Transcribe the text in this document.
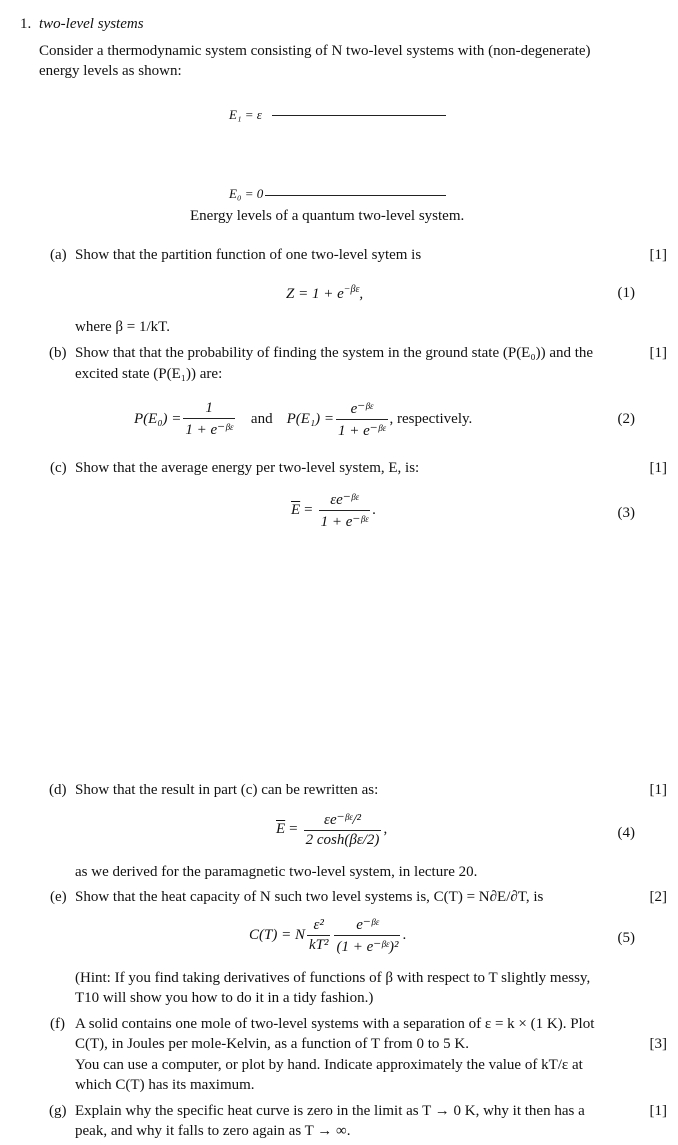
1. two-level systems
Consider a thermodynamic system consisting of N two-level systems with (non-degenerate)
energy levels as shown:
E₁ = ε
E₀ = 0
Energy levels of a quantum two-level system.
(a) Show that the partition function of one two-level sytem is	[1]
$Z = 1 + e^{-\beta\varepsilon}$,	(1)
where β = 1/kT.
(b) Show that that the probability of finding the system in the ground state (P(E₀)) and the	[1]
excited state (P(E₁)) are:
$P(E_0) = \frac{1}{\text{1 + e⁻ᵝᵋ}}$ and $P(E_1) = \frac{\text{e⁻ᵝᵋ}}{\text{1 + e⁻ᵝᵋ}}$ , respectively.	(2)
(c) Show that the average energy per two-level system, E, is:	[1]
$\overline{E} = \frac{\text{εe⁻ᵝᵋ}}{\text{1 + e⁻ᵝᵋ}}$ .	(3)
(d) Show that the result in part (c) can be rewritten as:	[1]
$\overline{E} = \frac{\text{εe⁻ᵝᵋ/²}}{2 \cosh(\beta\varepsilon/2)}$ ,	(4)
as we derived for the paramagnetic two-level system, in lecture 20.
(e) Show that the heat capacity of N such two level systems is, C(T) = N∂E/∂T, is	[2]
C(T) = N $\frac{\text{ε²}}{\text{kT²}} \frac{\text{e⁻ᵝᵋ}}{\text{(1 + e⁻ᵝᵋ)²}}$ .	(5)
(Hint: If you find taking derivatives of functions of β with respect to T slightly messy,
T10 will show you how to do it in a tidy fashion.)
(f) A solid contains one mole of two-level systems with a separation of ε = k × (1 K). Plot
C(T), in Joules per mole-Kelvin, as a function of T from 0 to 5 K.	[3]
You can use a computer, or plot by hand. Indicate approximately the value of kT/ε at
which C(T) has its maximum.
(g) Explain why the specific heat curve is zero in the limit as T → 0 K, why it then has a	[1]
peak, and why it falls to zero again as T → ∞.
